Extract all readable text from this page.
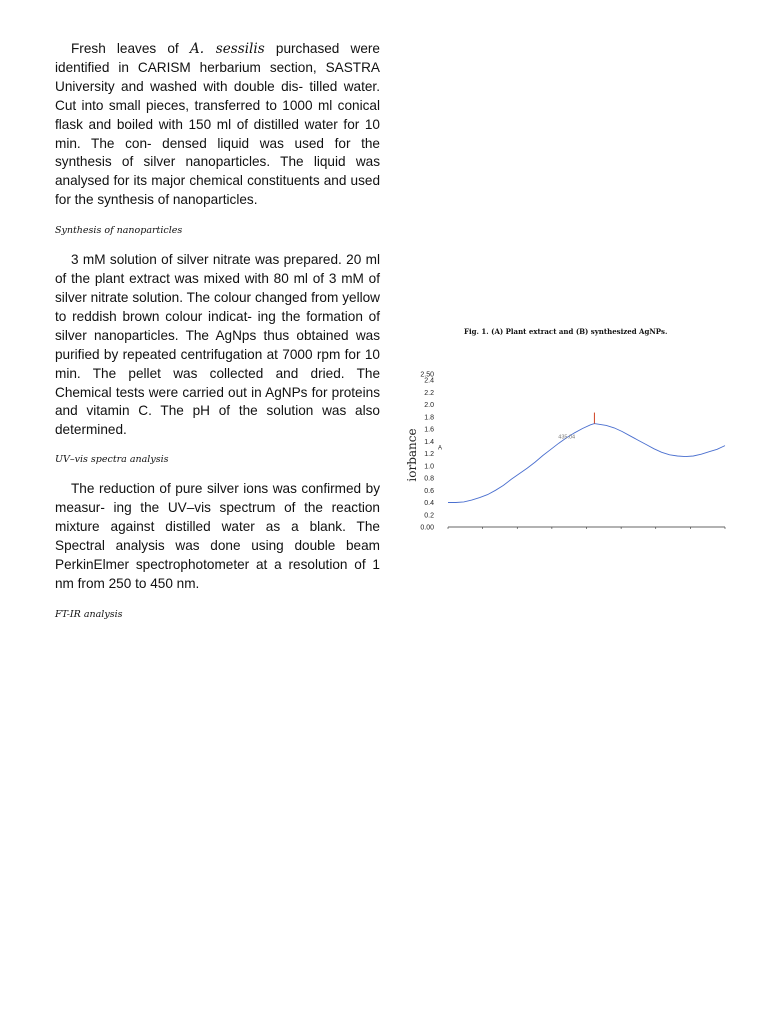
Fresh leaves of A. sessilis purchased were identified in CARISM herbarium section, SASTRA University and washed with double dis- tilled water. Cut into small pieces, transferred to 1000 ml conical flask and boiled with 150 ml of distilled water for 10 min. The con- densed liquid was used for the synthesis of silver nanoparticles. The liquid was analysed for its major chemical constituents and used for the synthesis of nanoparticles.

Synthesis of nanoparticles

3 mM solution of silver nitrate was prepared. 20 ml of the plant extract was mixed with 80 ml of 3 mM of silver nitrate solution. The colour changed from yellow to reddish brown colour indicat- ing the formation of silver nanoparticles. The AgNps thus obtained was purified by repeated centrifugation at 7000 rpm for 10 min. The pellet was collected and dried. The Chemical tests were carried out in AgNPs for proteins and vitamin C. The pH of the solution was also determined.

UV–vis spectra analysis

The reduction of pure silver ions was confirmed by measur- ing the UV–vis spectrum of the reaction mixture against distilled water as a blank. The Spectral analysis was done using double beam PerkinElmer spectrophotometer at a resolution of 1 nm from 250 to 450 nm.

FT-IR analysis

Fig. 1. (A) Plant extract and (B) synthesized AgNPs.
0.00
0.2
0.4
0.6
0.8
1.0
1.2
1.4
1.6
1.8
2.0
2.2
2.4
2.50
iorbance	A
435.04
